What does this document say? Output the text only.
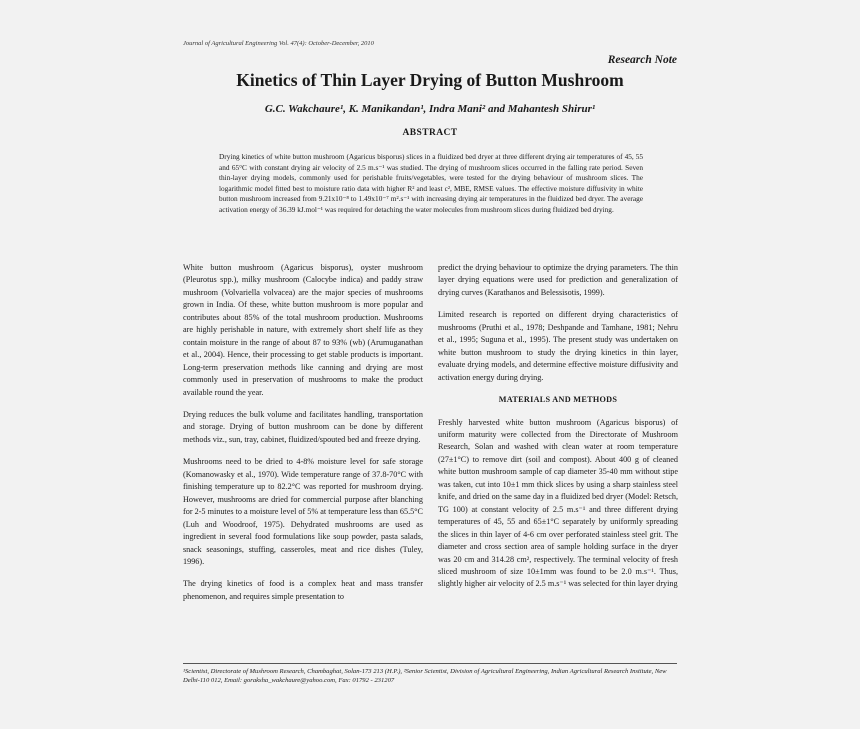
Journal of Agricultural Engineering Vol. 47(4): October-December, 2010
Research Note
Kinetics of Thin Layer Drying of Button Mushroom
G.C. Wakchaure¹, K. Manikandan¹, Indra Mani² and Mahantesh Shirur¹
ABSTRACT
Drying kinetics of white button mushroom (Agaricus bisporus) slices in a fluidized bed dryer at three different drying air temperatures of 45, 55 and 65°C with constant drying air velocity of 2.5 m.s⁻¹ was studied. The drying of mushroom slices occurred in the falling rate period. Seven thin-layer drying models, commonly used for perishable fruits/vegetables, were tested for the drying behaviour of mushroom slices. The logarithmic model fitted best to moisture ratio data with higher R² and least c², MBE, RMSE values. The effective moisture diffusivity in white button mushroom increased from 9.21x10⁻⁸ to 1.49x10⁻⁷ m².s⁻¹ with increasing drying air temperatures in the fluidized bed dryer. The average activation energy of 36.39 kJ.mol⁻¹ was required for detaching the water molecules from mushroom slices during fluidized bed drying.

White button mushroom (Agaricus bisporus), oyster mushroom (Pleurotus spp.), milky mushroom (Calocybe indica) and paddy straw mushroom (Volvariella volvacea) are the major species of mushrooms grown in India. Of these, white button mushroom is more popular and contributes about 85% of the total mushroom production. Mushrooms are highly perishable in nature, with extremely short shelf life as they contain moisture in the range of about 87 to 93% (wb) (Arumuganathan et al., 2004). Hence, their processing to get stable products is important. Long-term preservation methods like canning and drying are most commonly used in preservation of mushrooms to make the product available round the year.

Drying reduces the bulk volume and facilitates handling, transportation and storage. Drying of button mushroom can be done by different methods viz., sun, tray, cabinet, fluidized/spouted bed and freeze drying.

Mushrooms need to be dried to 4-8% moisture level for safe storage (Komanowasky et al., 1970). Wide temperature range of 37.8-70°C with finishing temperature up to 82.2°C was reported for mushroom drying. However, mushrooms are dried for commercial purpose after blanching for 2-5 minutes to a moisture level of 5% at temperature less than 65.5°C (Luh and Woodroof, 1975). Dehydrated mushrooms are used as ingredient in several food formulations like soup powder, pasta salads, snack seasonings, stuffing, casseroles, meat and rice dishes (Tuley, 1996).

The drying kinetics of food is a complex heat and mass transfer phenomenon, and requires simple presentation to

predict the drying behaviour to optimize the drying parameters. The thin layer drying equations were used for prediction and generalization of drying curves (Karathanos and Belessisotis, 1999).

Limited research is reported on different drying characteristics of mushrooms (Pruthi et al., 1978; Deshpande and Tamhane, 1981; Nehru et al., 1995; Suguna et al., 1995). The present study was undertaken on white button mushroom to study the drying kinetics in thin layer, evaluate drying models, and determine effective moisture diffusivity and activation energy during drying.

MATERIALS AND METHODS

Freshly harvested white button mushroom (Agaricus bisporus) of uniform maturity were collected from the Directorate of Mushroom Research, Solan and washed with clean water at room temperature (27±1°C) to remove dirt (soil and compost). About 400 g of cleaned white button mushroom sample of cap diameter 35-40 mm without stipe was taken, cut into 10±1 mm thick slices by using a sharp stainless steel knife, and dried on the same day in a fluidized bed dryer (Model: Retsch, TG 100) at constant velocity of 2.5 m.s⁻¹ and three different drying temperatures of 45, 55 and 65±1°C separately by uniformly spreading the slices in thin layer of 4-6 cm over perforated stainless steel grit. The diameter and cross section area of sample holding surface in the dryer was 20 cm and 314.28 cm², respectively. The terminal velocity of fresh sliced mushroom of size 10±1mm was found to be 2.0 m.s⁻¹. Thus, slightly higher air velocity of 2.5 m.s⁻¹ was selected for thin layer drying

¹Scientist, Directorate of Mushroom Research, Chambaghat, Solan-173 213 (H.P.), ²Senior Scientist, Division of Agricultural Engineering, Indian Agricultural Research Institute, New Delhi-110 012, Email: goraksha_wakchaure@yahoo.com, Fax: 01792 - 231207
